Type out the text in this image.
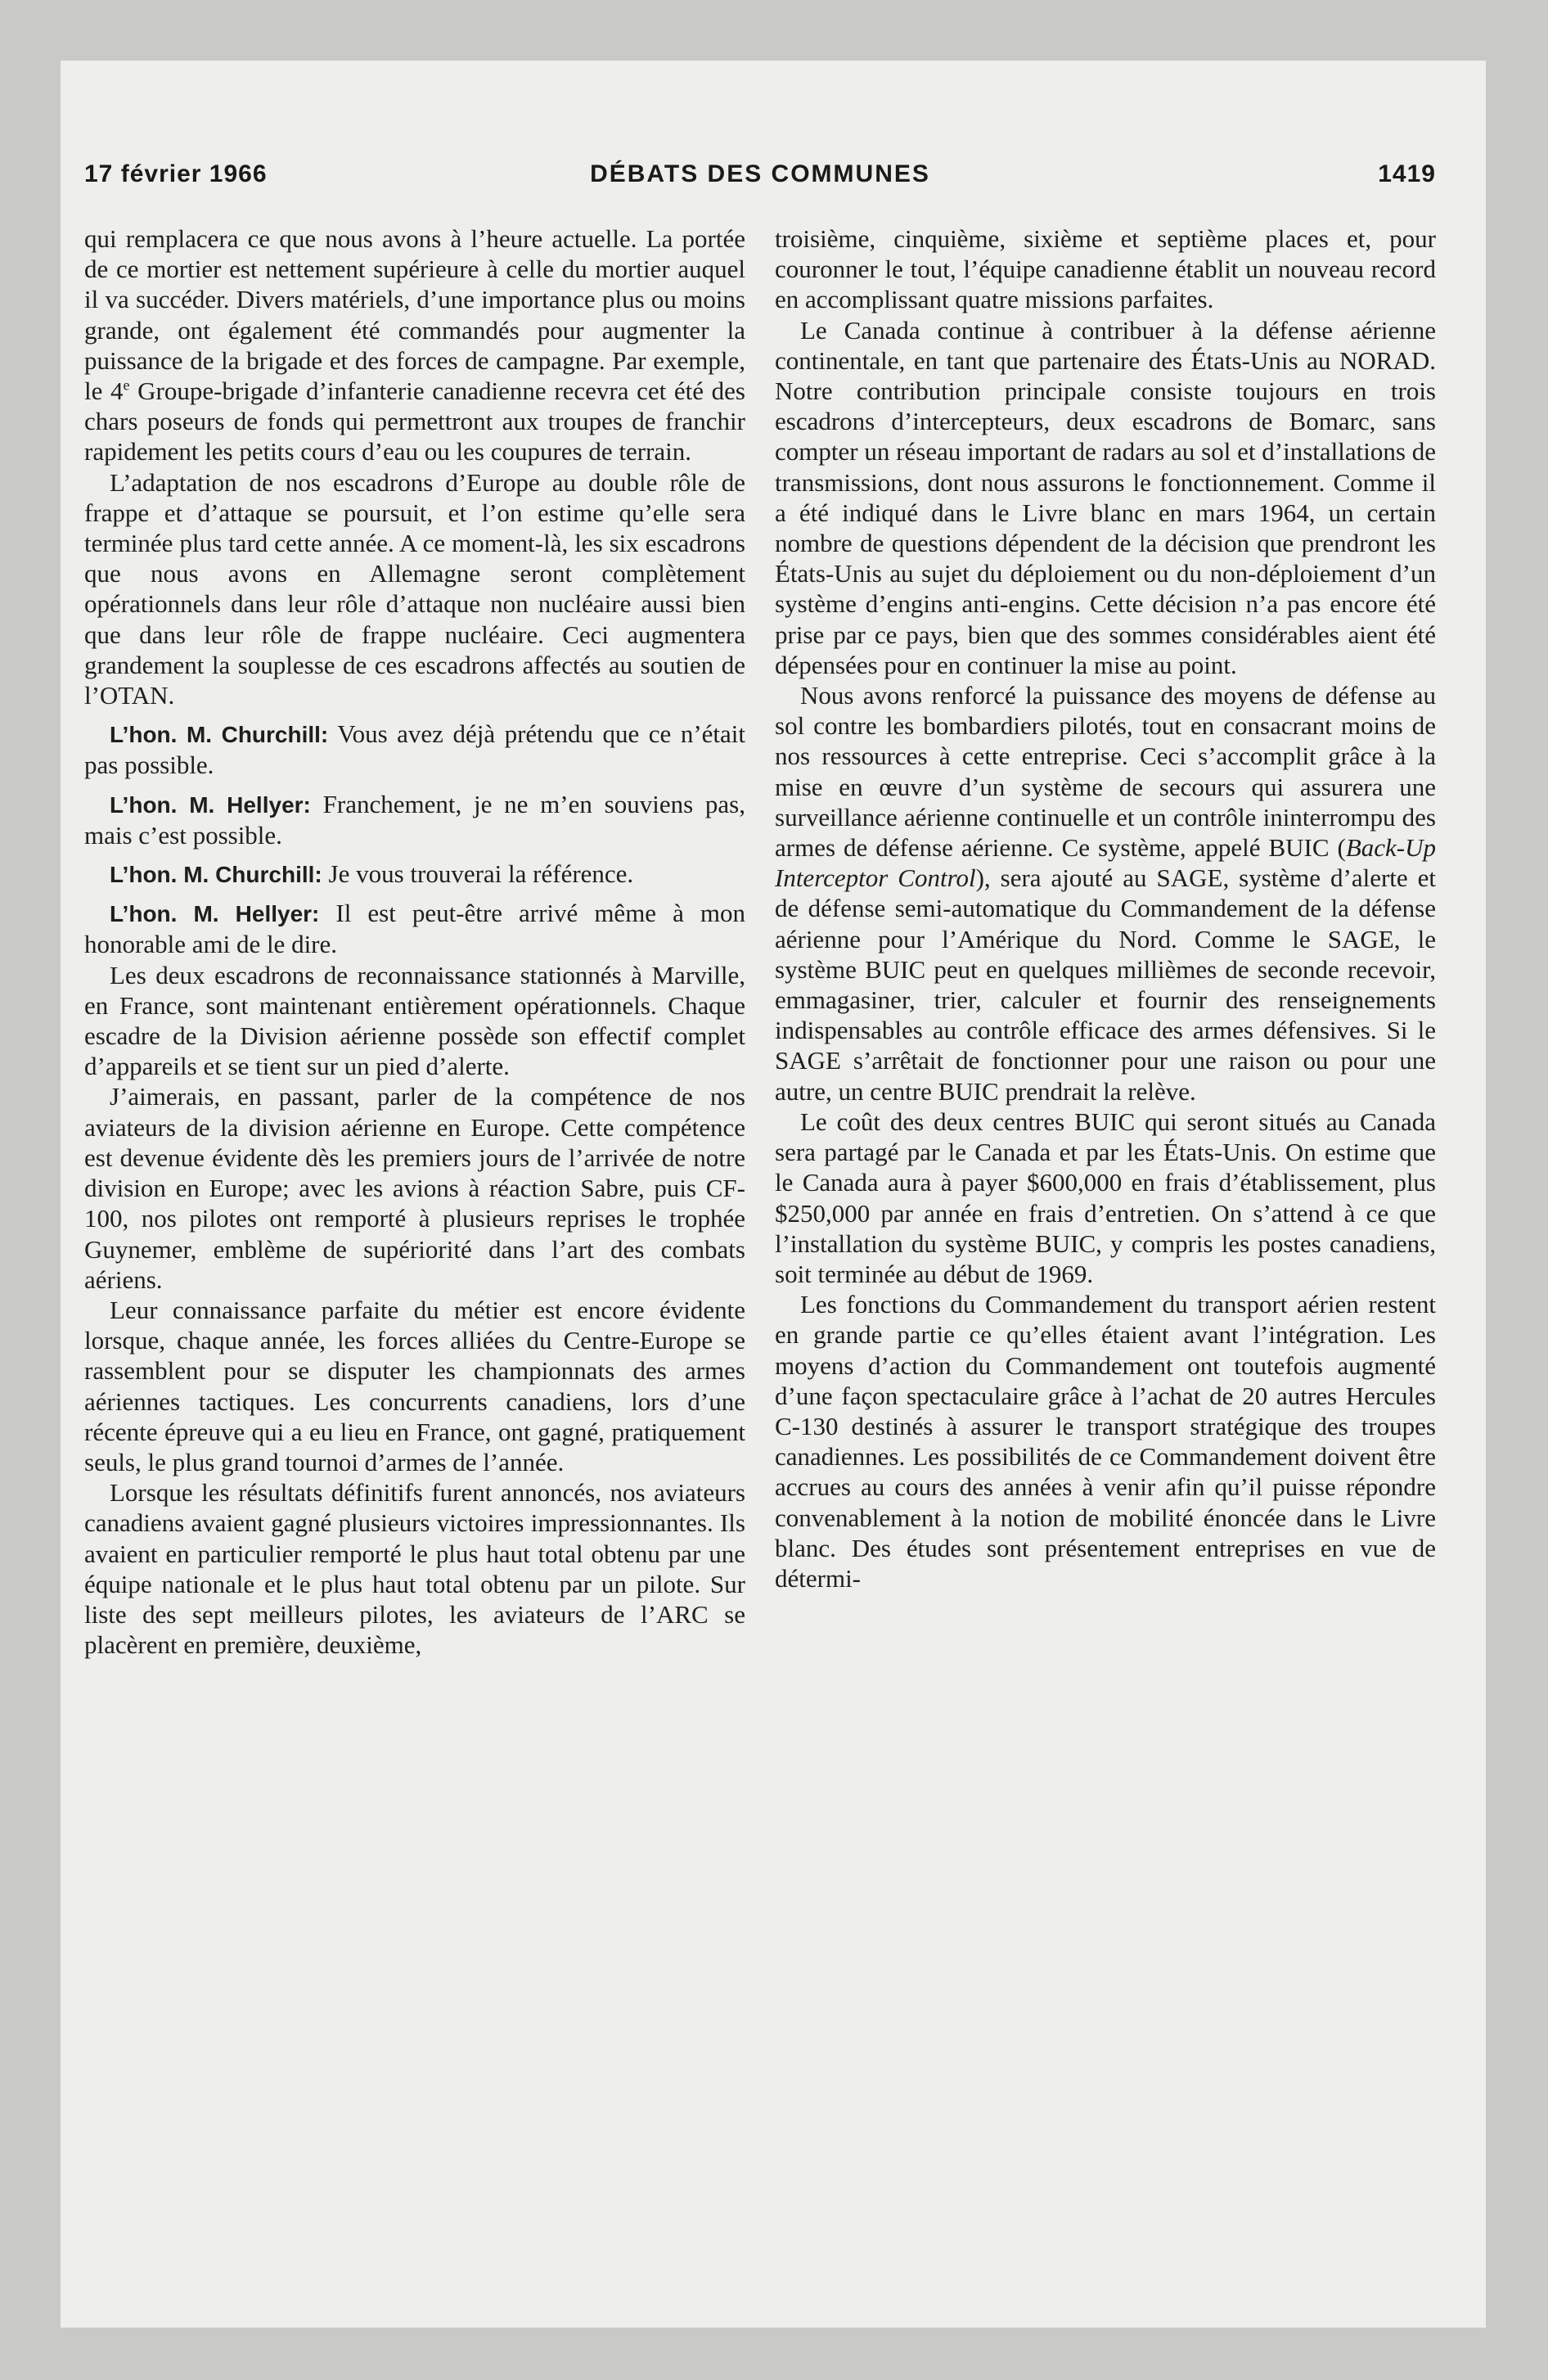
17 février 1966	DÉBATS DES COMMUNES	1419

qui remplacera ce que nous avons à l’heure actuelle. La portée de ce mortier est nettement supérieure à celle du mortier auquel il va succéder. Divers matériels, d’une importance plus ou moins grande, ont également été commandés pour augmenter la puissance de la brigade et des forces de campagne. Par exemple, le 4e Groupe-brigade d’infanterie canadienne recevra cet été des chars poseurs de fonds qui permettront aux troupes de franchir rapidement les petits cours d’eau ou les coupures de terrain.

L’adaptation de nos escadrons d’Europe au double rôle de frappe et d’attaque se poursuit, et l’on estime qu’elle sera terminée plus tard cette année. A ce moment-là, les six escadrons que nous avons en Allemagne seront complètement opérationnels dans leur rôle d’attaque non nucléaire aussi bien que dans leur rôle de frappe nucléaire. Ceci augmentera grandement la souplesse de ces escadrons affectés au soutien de l’OTAN.

L’hon. M. Churchill: Vous avez déjà prétendu que ce n’était pas possible.

L’hon. M. Hellyer: Franchement, je ne m’en souviens pas, mais c’est possible.

L’hon. M. Churchill: Je vous trouverai la référence.

L’hon. M. Hellyer: Il est peut-être arrivé même à mon honorable ami de le dire.

Les deux escadrons de reconnaissance stationnés à Marville, en France, sont maintenant entièrement opérationnels. Chaque escadre de la Division aérienne possède son effectif complet d’appareils et se tient sur un pied d’alerte.

J’aimerais, en passant, parler de la compétence de nos aviateurs de la division aérienne en Europe. Cette compétence est devenue évidente dès les premiers jours de l’arrivée de notre division en Europe; avec les avions à réaction Sabre, puis CF-100, nos pilotes ont remporté à plusieurs reprises le trophée Guynemer, emblème de supériorité dans l’art des combats aériens.

Leur connaissance parfaite du métier est encore évidente lorsque, chaque année, les forces alliées du Centre-Europe se rassemblent pour se disputer les championnats des armes aériennes tactiques. Les concurrents canadiens, lors d’une récente épreuve qui a eu lieu en France, ont gagné, pratiquement seuls, le plus grand tournoi d’armes de l’année.

Lorsque les résultats définitifs furent annoncés, nos aviateurs canadiens avaient gagné plusieurs victoires impressionnantes. Ils avaient en particulier remporté le plus haut total obtenu par une équipe nationale et le plus haut total obtenu par un pilote. Sur liste des sept meilleurs pilotes, les aviateurs de l’ARC se placèrent en première, deuxième,

troisième, cinquième, sixième et septième places et, pour couronner le tout, l’équipe canadienne établit un nouveau record en accomplissant quatre missions parfaites.

Le Canada continue à contribuer à la défense aérienne continentale, en tant que partenaire des États-Unis au NORAD. Notre contribution principale consiste toujours en trois escadrons d’intercepteurs, deux escadrons de Bomarc, sans compter un réseau important de radars au sol et d’installations de transmissions, dont nous assurons le fonctionnement. Comme il a été indiqué dans le Livre blanc en mars 1964, un certain nombre de questions dépendent de la décision que prendront les États-Unis au sujet du déploiement ou du non-déploiement d’un système d’engins anti-engins. Cette décision n’a pas encore été prise par ce pays, bien que des sommes considérables aient été dépensées pour en continuer la mise au point.

Nous avons renforcé la puissance des moyens de défense au sol contre les bombardiers pilotés, tout en consacrant moins de nos ressources à cette entreprise. Ceci s’accomplit grâce à la mise en œuvre d’un système de secours qui assurera une surveillance aérienne continuelle et un contrôle ininterrompu des armes de défense aérienne. Ce système, appelé BUIC (Back-Up Interceptor Control), sera ajouté au SAGE, système d’alerte et de défense semi-automatique du Commandement de la défense aérienne pour l’Amérique du Nord. Comme le SAGE, le système BUIC peut en quelques millièmes de seconde recevoir, emmagasiner, trier, calculer et fournir des renseignements indispensables au contrôle efficace des armes défensives. Si le SAGE s’arrêtait de fonctionner pour une raison ou pour une autre, un centre BUIC prendrait la relève.

Le coût des deux centres BUIC qui seront situés au Canada sera partagé par le Canada et par les États-Unis. On estime que le Canada aura à payer $600,000 en frais d’établissement, plus $250,000 par année en frais d’entretien. On s’attend à ce que l’installation du système BUIC, y compris les postes canadiens, soit terminée au début de 1969.

Les fonctions du Commandement du transport aérien restent en grande partie ce qu’elles étaient avant l’intégration. Les moyens d’action du Commandement ont toutefois augmenté d’une façon spectaculaire grâce à l’achat de 20 autres Hercules C-130 destinés à assurer le transport stratégique des troupes canadiennes. Les possibilités de ce Commandement doivent être accrues au cours des années à venir afin qu’il puisse répondre convenablement à la notion de mobilité énoncée dans le Livre blanc. Des études sont présentement entreprises en vue de détermi-
